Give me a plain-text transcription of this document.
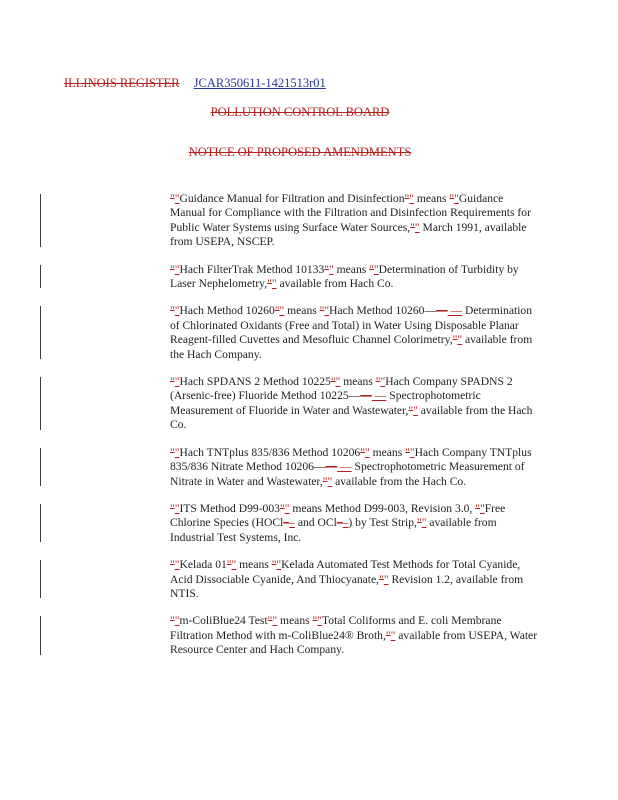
ILLINOIS REGISTER JCAR350611-1421513r01
POLLUTION CONTROL BOARD
NOTICE OF PROPOSED AMENDMENTS
""Guidance Manual for Filtration and Disinfection"" means ""Guidance Manual for Compliance with the Filtration and Disinfection Requirements for Public Water Systems using Surface Water Sources,"" March 1991, available from USEPA, NSCEP.
""Hach FilterTrak Method 10133"" means ""Determination of Turbidity by Laser Nephelometry,"" available from Hach Co.
""Hach Method 10260"" means ""Hach Method 10260—— — Determination of Chlorinated Oxidants (Free and Total) in Water Using Disposable Planar Reagent-filled Cuvettes and Mesofluic Channel Colorimetry,"" available from the Hach Company.
""Hach SPDANS 2 Method 10225"" means ""Hach Company SPADNS 2 (Arsenic-free) Fluoride Method 10225—— — Spectrophotometric Measurement of Fluoride in Water and Wastewater,"" available from the Hach Co.
""Hach TNTplus 835/836 Method 10206"" means ""Hach Company TNTplus 835/836 Nitrate Method 10206—— — Spectrophotometric Measurement of Nitrate in Water and Wastewater,"" available from the Hach Co.
""ITS Method D99-003"" means Method D99-003, Revision 3.0, ""Free Chlorine Species (HOCl–– and OCl––) by Test Strip,"" available from Industrial Test Systems, Inc.
""Kelada 01"" means ""Kelada Automated Test Methods for Total Cyanide, Acid Dissociable Cyanide, And Thiocyanate,"" Revision 1.2, available from NTIS.
""m-ColiBlue24 Test"" means ""Total Coliforms and E. coli Membrane Filtration Method with m-ColiBlue24® Broth,"" available from USEPA, Water Resource Center and Hach Company.
